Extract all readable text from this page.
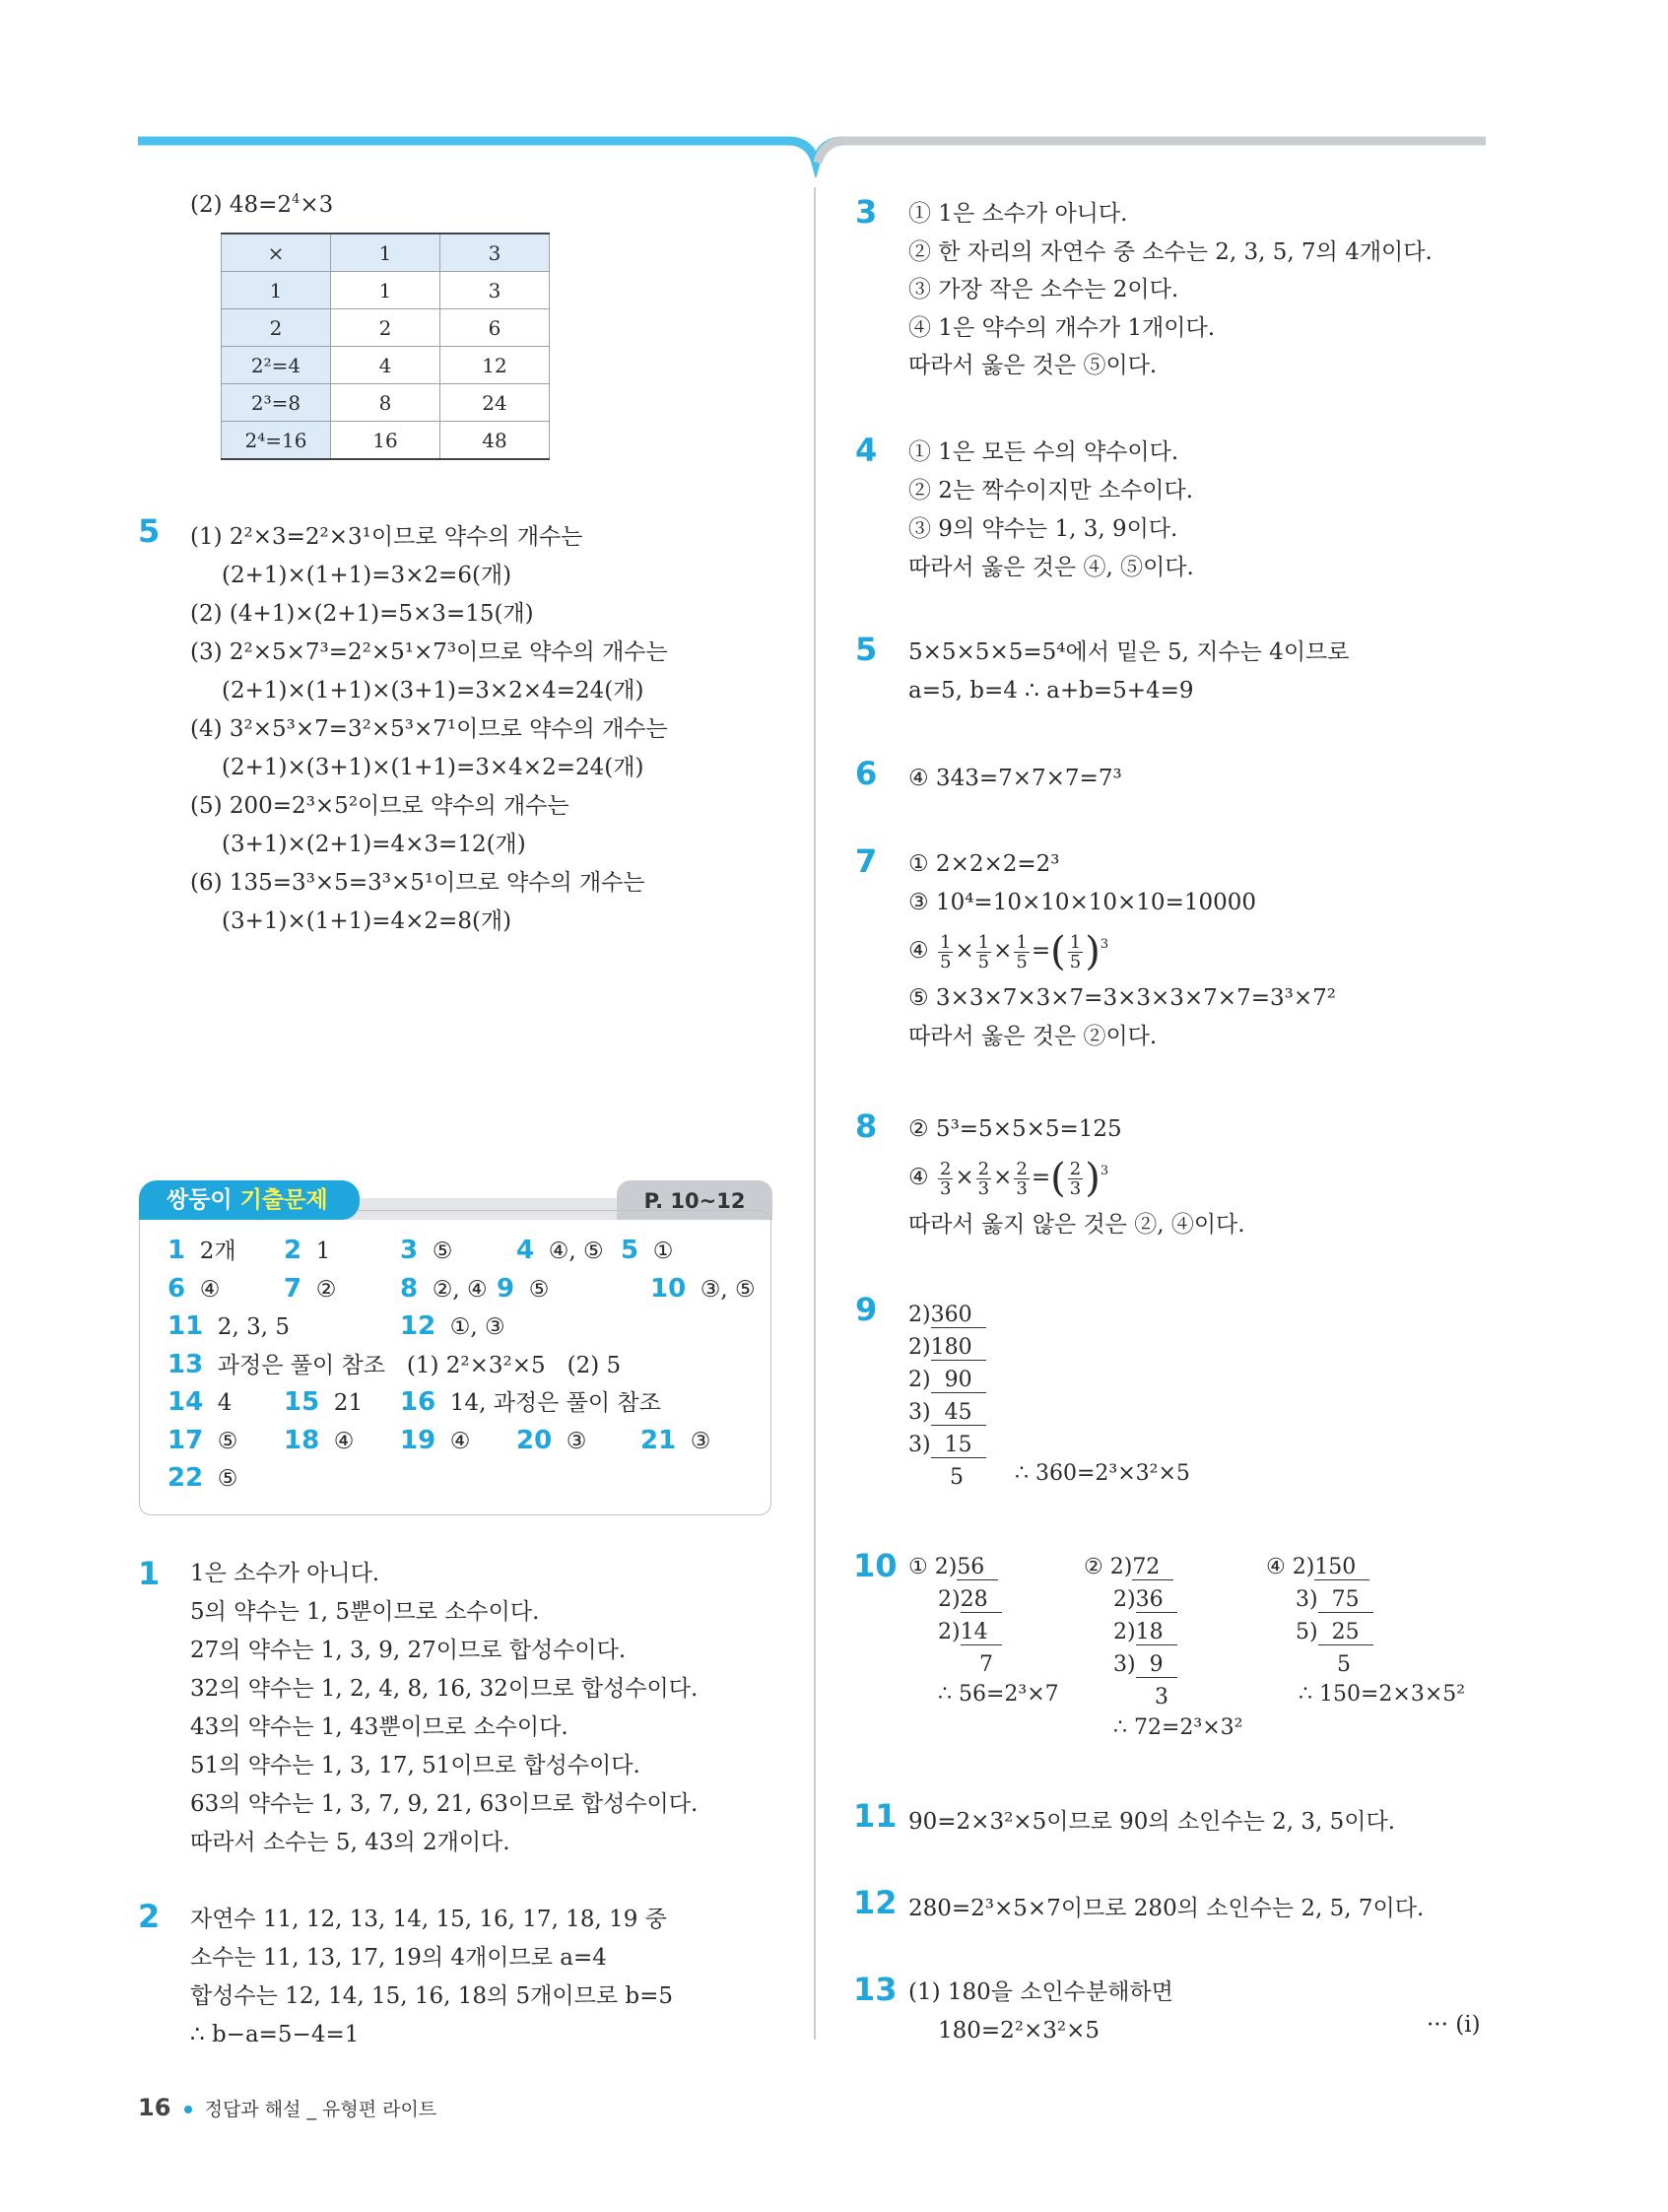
(2) $48=2^4\times 3$
×	1	3
1	1	3
2	2	6
2²=4	4	12
2³=8	8	24
2⁴=16	16	48
5 (1) 2²×3=2²×3¹이므로 약수의 개수는
(2+1)×(1+1)=3×2=6(개)
(2) (4+1)×(2+1)=5×3=15(개)
(3) 2²×5×7³=2²×5¹×7³이므로 약수의 개수는
(2+1)×(1+1)×(3+1)=3×2×4=24(개)
(4) 3²×5³×7=3²×5³×7¹이므로 약수의 개수는
(2+1)×(3+1)×(1+1)=3×4×2=24(개)
(5) 200=2³×5²이므로 약수의 개수는
(3+1)×(2+1)=4×3=12(개)
(6) 135=3³×5=3³×5¹이므로 약수의 개수는
(3+1)×(1+1)=4×2=8(개)
P. 10~12
쌍둥이 기출문제
1  2개 2  1	3  ⑤ 4  ④, ⑤ 5  ①
6  ④ 7  ② 8  ②, ④ 9  ⑤	10  ③, ⑤
11  2, 3, 5	12  ①, ③
13  과정은 풀이 참조   (1) 2²×3²×5   (2) 5
14  4 15  21 16  14, 과정은 풀이 참조
17  ⑤ 18  ④ 19  ④ 20  ③ 21  ③
22  ⑤
1 1은 소수가 아니다.
5의 약수는 1, 5뿐이므로 소수이다.
27의 약수는 1, 3, 9, 27이므로 합성수이다.
32의 약수는 1, 2, 4, 8, 16, 32이므로 합성수이다.
43의 약수는 1, 43뿐이므로 소수이다.
51의 약수는 1, 3, 17, 51이므로 합성수이다.
63의 약수는 1, 3, 7, 9, 21, 63이므로 합성수이다.
따라서 소수는 5, 43의 2개이다.
2 자연수 11, 12, 13, 14, 15, 16, 17, 18, 19 중
소수는 11, 13, 17, 19의 4개이므로 a=4
합성수는 12, 14, 15, 16, 18의 5개이므로 b=5
∴ b−a=5−4=1
16 정답과 해설 _ 유형편 라이트
3 ① 1은 소수가 아니다.
② 한 자리의 자연수 중 소수는 2, 3, 5, 7의 4개이다.
③ 가장 작은 소수는 2이다.
④ 1은 약수의 개수가 1개이다.
따라서 옳은 것은 ⑤이다.
4 ① 1은 모든 수의 약수이다.
② 2는 짝수이지만 소수이다.
③ 9의 약수는 1, 3, 9이다.
따라서 옳은 것은 ④, ⑤이다.
5 5×5×5×5=5⁴에서 밑은 5, 지수는 4이므로
a=5, b=4 ∴ a+b=5+4=9
6 ④ 343=7×7×7=7³
7 ① 2×2×2=2³
③ 10⁴=10×10×10×10=10000
④ $\frac{1}{5} \times \frac{1}{5} \times \frac{1}{5}$ =( $\frac{1}{5} )^3$
⑤ 3×3×7×3×7=3×3×3×7×7=3³×7²
따라서 옳은 것은 ②이다.
8 ② 5³=5×5×5=125
④ $\frac{2}{3} \times \frac{2}{3} \times \frac{2}{3}$ =( $\frac{2}{3} )^3$
따라서 옳지 않은 것은 ②, ④이다.
9 2)360
2)180
2)  90
3)  45
3)  15
5	∴ 360=2³×3²×5
10 ① 2)56
2)28
2)14
7
② 2)72
2)36
2)18
3)  9
3
④ 2)150
3)  75
5)  25
5
∴ 56=2³×7
∴ 72=2³×3²
∴ 150=2×3×5²
11 90=2×3²×5이므로 90의 소인수는 2, 3, 5이다.
12 280=2³×5×7이므로 280의 소인수는 2, 5, 7이다.
13 (1) 180을 소인수분해하면
180=2²×3²×5	··· (i)
